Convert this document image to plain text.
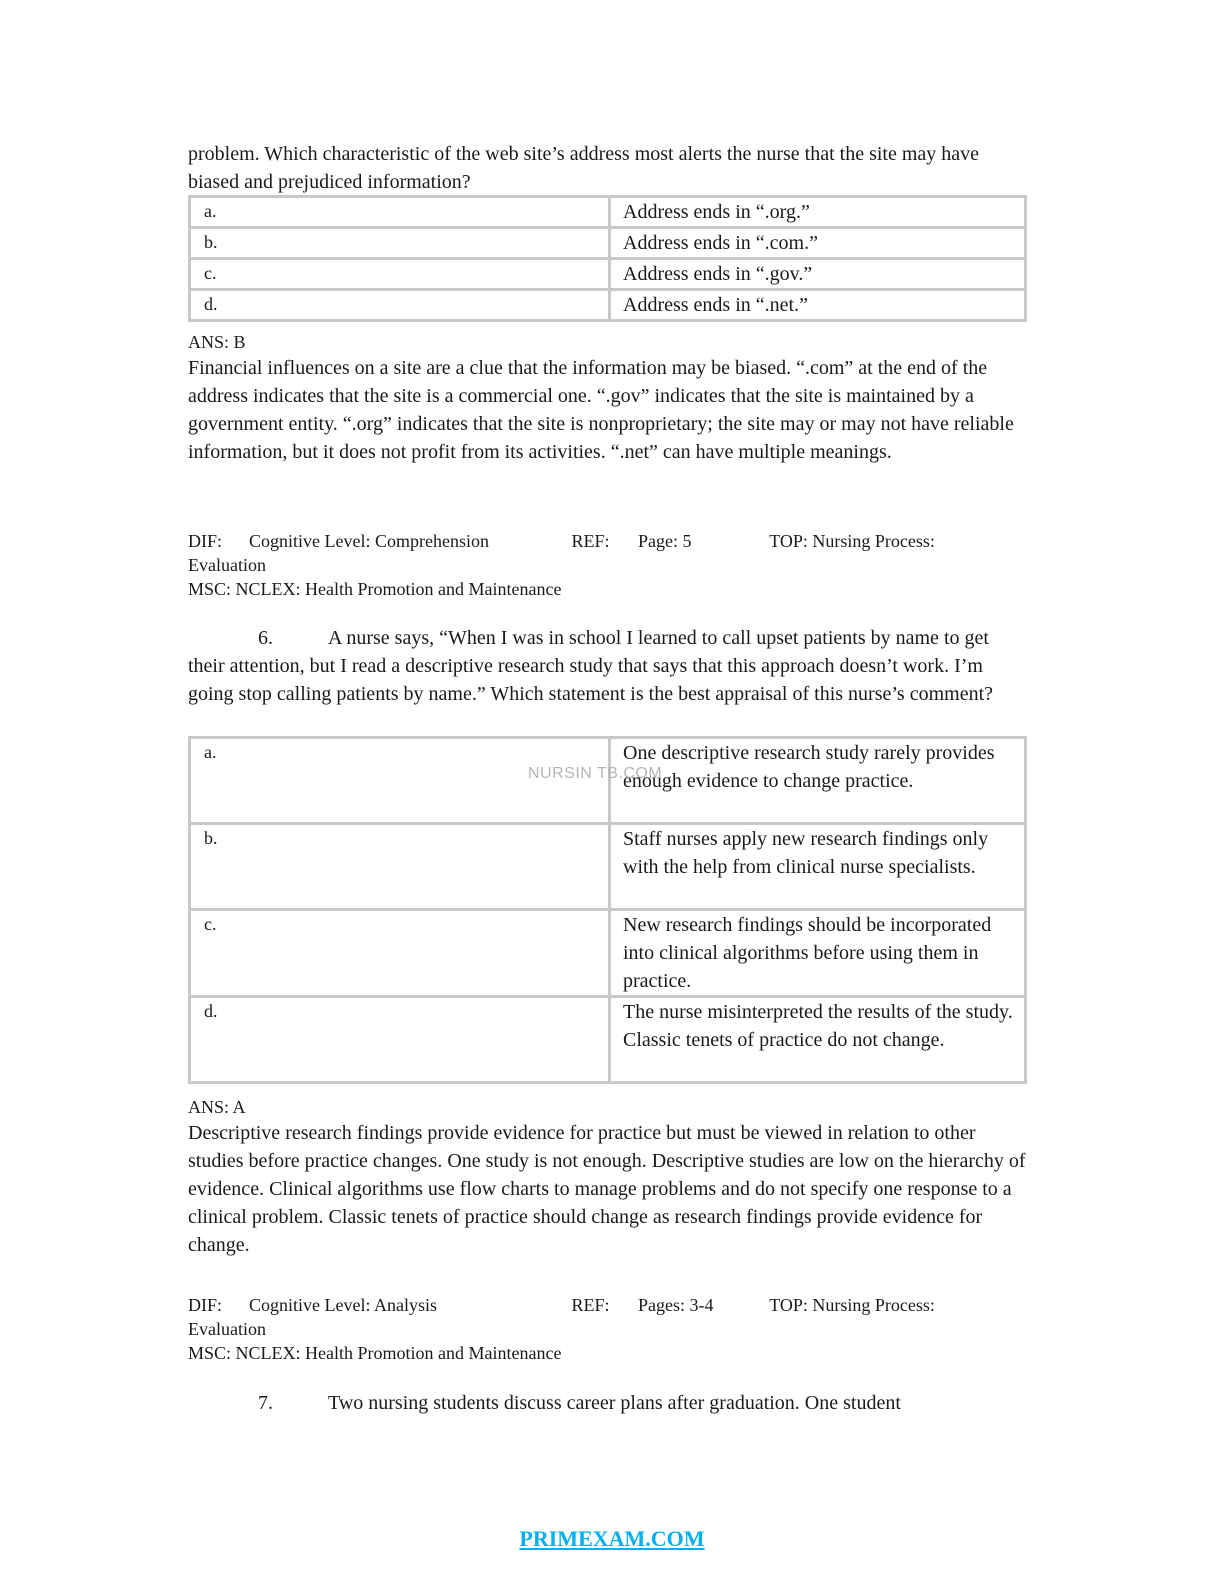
problem. Which characteristic of the web site’s address most alerts the nurse that the site may have biased and prejudiced information?

a.	Address ends in “.org.”
b.	Address ends in “.com.”
c.	Address ends in “.gov.”
d.	Address ends in “.net.”

ANS: B

Financial influences on a site are a clue that the information may be biased. “.com” at the end of the address indicates that the site is a commercial one. “.gov” indicates that the site is maintained by a government entity. “.org” indicates that the site is nonproprietary; the site may or may not have reliable information, but it does not profit from its activities. “.net” can have multiple meanings.

DIF: Cognitive Level: Comprehension	REF: Page: 5	TOP: Nursing Process:
Evaluation
MSC: NCLEX: Health Promotion and Maintenance

6.	A nurse says, “When I was in school I learned to call upset patients by name to get their attention, but I read a descriptive research study that says that this approach doesn’t work. I’m going stop calling patients by name.” Which statement is the best appraisal of this nurse’s comment?

a.	One descriptive research study rarely provides enough evidence to change practice.
b.	Staff nurses apply new research findings only with the help from clinical nurse specialists.
c.	New research findings should be incorporated into clinical algorithms before using them in practice.
d.	The nurse misinterpreted the results of the study. Classic tenets of practice do not change.
NURSIN TB.COM

ANS: A

Descriptive research findings provide evidence for practice but must be viewed in relation to other studies before practice changes. One study is not enough. Descriptive studies are low on the hierarchy of evidence. Clinical algorithms use flow charts to manage problems and do not specify one response to a clinical problem. Classic tenets of practice should change as research findings provide evidence for change.

DIF: Cognitive Level: Analysis	REF: Pages: 3-4	TOP: Nursing Process:
Evaluation
MSC: NCLEX: Health Promotion and Maintenance

7.	Two nursing students discuss career plans after graduation. One student

PRIMEXAM.COM
